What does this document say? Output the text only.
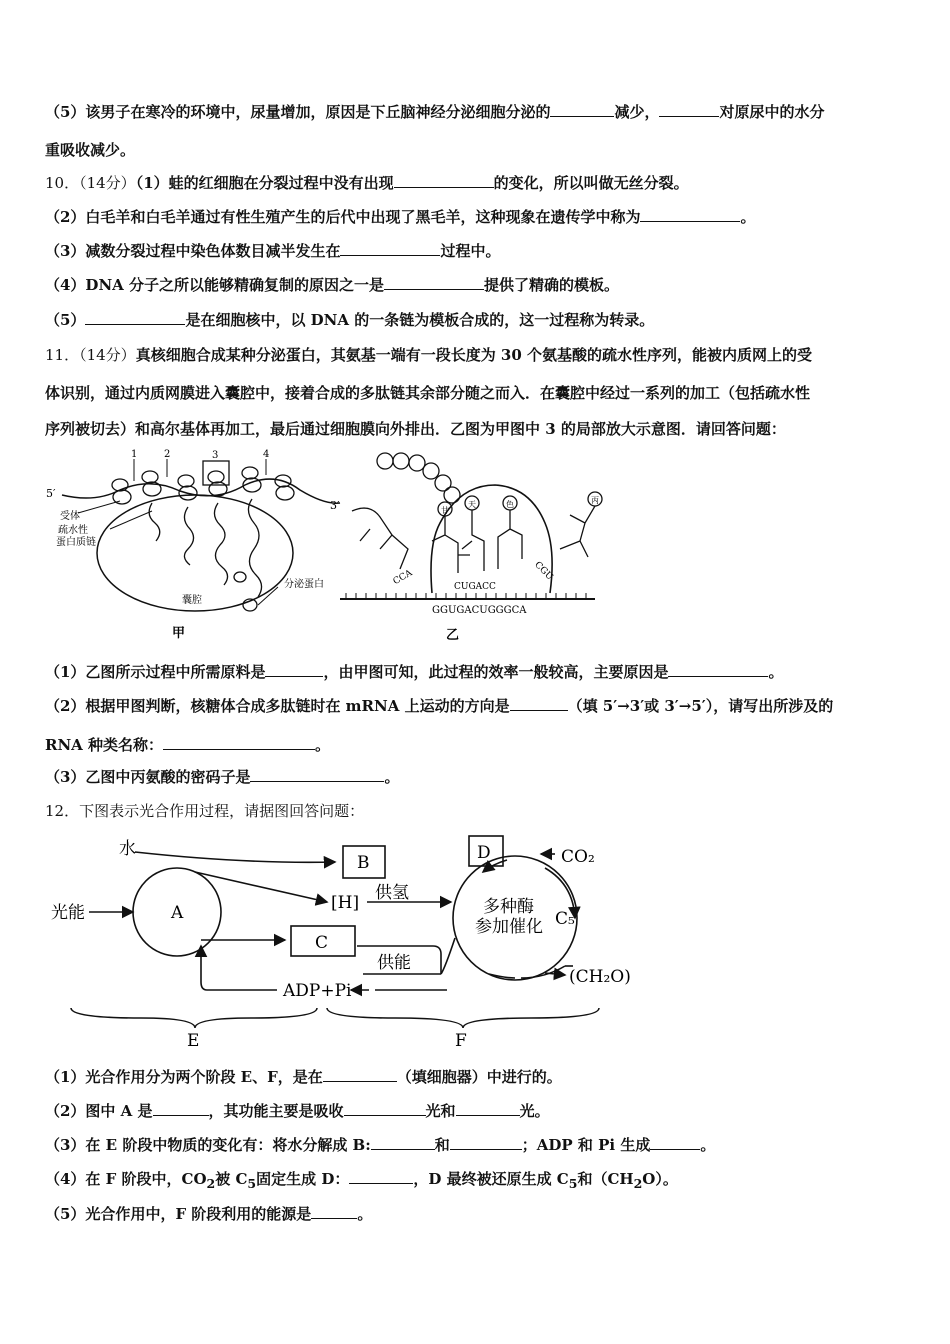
（5）该男子在寒冷的环境中，尿量增加，原因是下丘脑神经分泌细胞分泌的	减少，	对原尿中的水分
重吸收减少。
10．（14分）（1）蛙的红细胞在分裂过程中没有出现	的变化，所以叫做无丝分裂。
（2）白毛羊和白毛羊通过有性生殖产生的后代中出现了黑毛羊，这种现象在遗传学中称为	。
（3）减数分裂过程中染色体数目减半发生在	过程中。
（4）DNA 分子之所以能够精确复制的原因之一是	提供了精确的模板。
（5）	是在细胞核中，以 DNA 的一条链为模板合成的，这一过程称为转录。
11．（14分）真核细胞合成某种分泌蛋白，其氨基一端有一段长度为 30 个氨基酸的疏水性序列，能被内质网上的受
体识别，通过内质网膜进入囊腔中，接着合成的多肽链其余部分随之而入．在囊腔中经过一系列的加工（包括疏水性
序列被切去）和高尔基体再加工，最后通过细胞膜向外排出．乙图为甲图中 3 的局部放大示意图．请回答问题：
1	2	3	4
5′
3′
受体
疏水性
蛋白质链
分泌蛋白
囊腔
甲
甘
天	色	丙
CCA	CUGACC
CGU
GGUGACUGGGCA
乙
（1）乙图所示过程中所需原料是	，由甲图可知，此过程的效率一般较高，主要原因是	。
（2）根据甲图判断，核糖体合成多肽链时在 mRNA 上运动的方向是	（填 5′→3′或 3′→5′），请写出所涉及的
RNA 种类名称：	。
（3）乙图中丙氨酸的密码子是	。
12．下图表示光合作用过程，请据图回答问题：
水
光能	A
B
[H] 供氢
C
供能
ADP+Pi
D	CO₂
多种酶
参加催化 C₅
(CH₂O)
E	F
（1）光合作用分为两个阶段 E、F，是在	（填细胞器）中进行的。
（2）图中 A 是	，其功能主要是吸收	光和	光。
（3）在 E 阶段中物质的变化有：将水分解成 B:	和	；ADP 和 Pi 生成	。
（4）在 F 阶段中，$CO_2$被 $C_5$固定生成 D：	，D 最终被还原生成 $C_5$和$(CH_2O)$。
（5）光合作用中，F 阶段利用的能源是	。
